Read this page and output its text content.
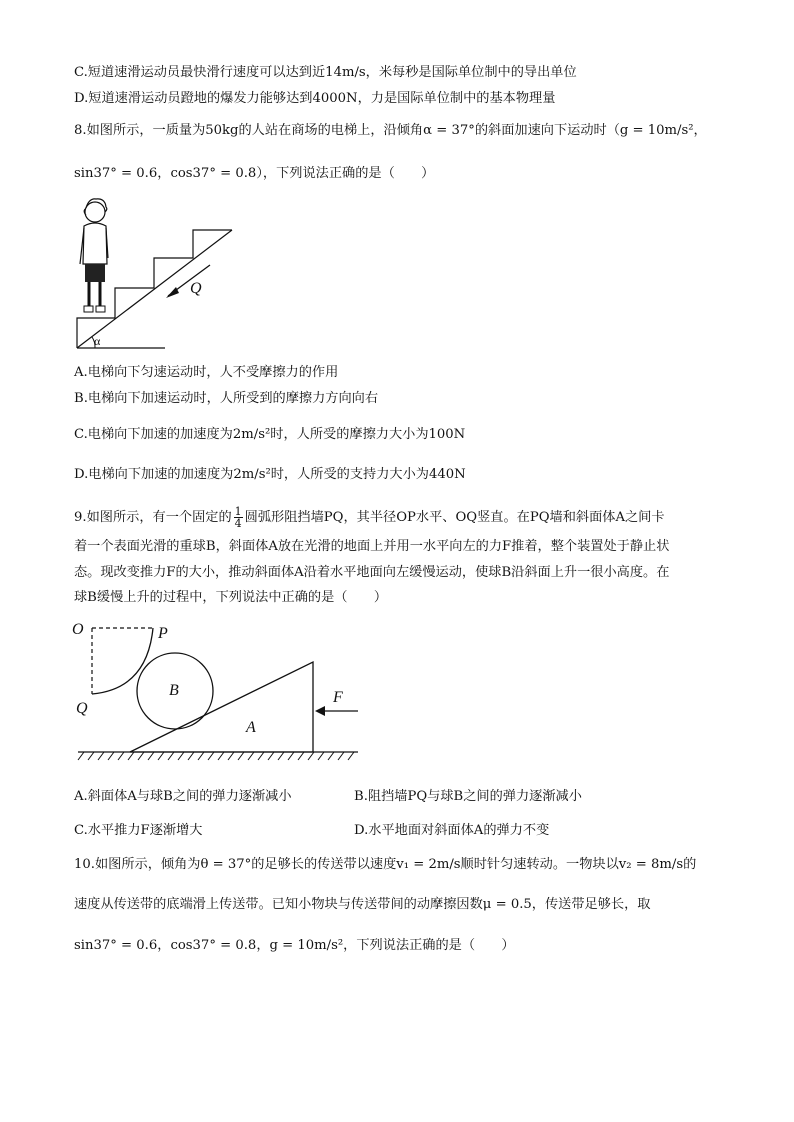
C.短道速滑运动员最快滑行速度可以达到近14m/s，米每秒是国际单位制中的导出单位
D.短道速滑运动员蹬地的爆发力能够达到4000N，力是国际单位制中的基本物理量
8.如图所示，一质量为50kg的人站在商场的电梯上，沿倾角α = 37°的斜面加速向下运动时（g = 10m/s²，
sin37° = 0.6，cos37° = 0.8），下列说法正确的是（　　）
α
Q
A.电梯向下匀速运动时，人不受摩擦力的作用
B.电梯向下加速运动时，人所受到的摩擦力方向向右
C.电梯向下加速的加速度为2m/s²时，人所受的摩擦力大小为100N
D.电梯向下加速的加速度为2m/s²时，人所受的支持力大小为440N
9.如图所示，有一个固定的 $\frac{1}{4}$ 圆弧形阻挡墙PQ，其半径OP水平、OQ竖直。在PQ墙和斜面体A之间卡
着一个表面光滑的重球B，斜面体A放在光滑的地面上并用一水平向左的力F推着，整个装置处于静止状
态。现改变推力F的大小，推动斜面体A沿着水平地面向左缓慢运动，使球B沿斜面上升一很小高度。在
球B缓慢上升的过程中，下列说法中正确的是（　　）
O	P
Q
B
A
F
A.斜面体A与球B之间的弹力逐渐减小	B.阻挡墙PQ与球B之间的弹力逐渐减小
C.水平推力F逐渐增大	D.水平地面对斜面体A的弹力不变
10.如图所示，倾角为θ = 37°的足够长的传送带以速度v₁ = 2m/s顺时针匀速转动。一物块以v₂ = 8m/s的
速度从传送带的底端滑上传送带。已知小物块与传送带间的动摩擦因数μ = 0.5，传送带足够长，取
sin37° = 0.6，cos37° = 0.8，g = 10m/s²，下列说法正确的是（　　）
